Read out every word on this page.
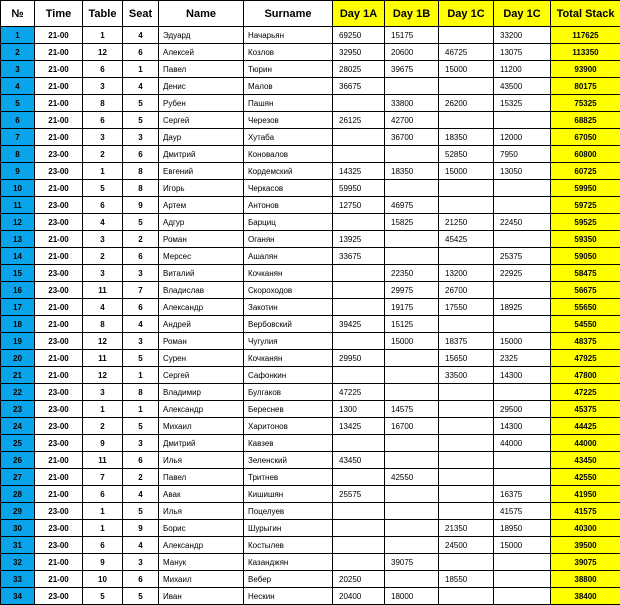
№	Time	Table	Seat	Name	Surname	Day 1A	Day 1B	Day 1C	Day 1C	Total Stack
1	21-00	1	4	Эдуард	Начарьян	69250	15175		33200	117625
2	21-00	12	6	Алексей	Козлов	32950	20600	46725	13075	113350
3	21-00	6	1	Павел	Тюрин	28025	39675	15000	11200	93900
4	21-00	3	4	Денис	Малов	36675			43500	80175
5	21-00	8	5	Рубен	Пашян		33800	26200	15325	75325
6	21-00	6	5	Сергей	Черезов	26125	42700			68825
7	21-00	3	3	Даур	Хутаба		36700	18350	12000	67050
8	23-00	2	6	Дмитрий	Коновалов			52850	7950	60800
9	23-00	1	8	Евгений	Кордемский	14325	18350	15000	13050	60725
10	21-00	5	8	Игорь	Черкасов	59950				59950
11	23-00	6	9	Артем	Антонов	12750	46975			59725
12	23-00	4	5	Адгур	Барциц		15825	21250	22450	59525
13	21-00	3	2	Роман	Оганян	13925		45425		59350
14	21-00	2	6	Мерсес	Ашалян	33675			25375	59050
15	23-00	3	3	Виталий	Кочканян		22350	13200	22925	58475
16	23-00	11	7	Владислав	Скороходов		29975	26700		56675
17	21-00	4	6	Александр	Закотин		19175	17550	18925	55650
18	21-00	8	4	Андрей	Вербовский	39425	15125			54550
19	23-00	12	3	Роман	Чугулия		15000	18375	15000	48375
20	21-00	11	5	Сурен	Кочканян	29950		15650	2325	47925
21	21-00	12	1	Сергей	Сафонкин			33500	14300	47800
22	23-00	3	8	Владимир	Булгаков	47225				47225
23	23-00	1	1	Александр	Береснев	1300	14575		29500	45375
24	23-00	2	5	Михаил	Харитонов	13425	16700		14300	44425
25	23-00	9	3	Дмитрий	Кавзев				44000	44000
26	21-00	11	6	Илья	Зеленский	43450				43450
27	21-00	7	2	Павел	Тритнев		42550			42550
28	21-00	6	4	Авак	Кишишян	25575			16375	41950
29	23-00	1	5	Илья	Поцелуев				41575	41575
30	23-00	1	9	Борис	Шурыгин			21350	18950	40300
31	23-00	6	4	Александр	Костылев			24500	15000	39500
32	21-00	9	3	Манук	Казанджян		39075			39075
33	21-00	10	6	Михаил	Вебер	20250		18550		38800
34	23-00	5	5	Иван	Нескин	20400	18000			38400
